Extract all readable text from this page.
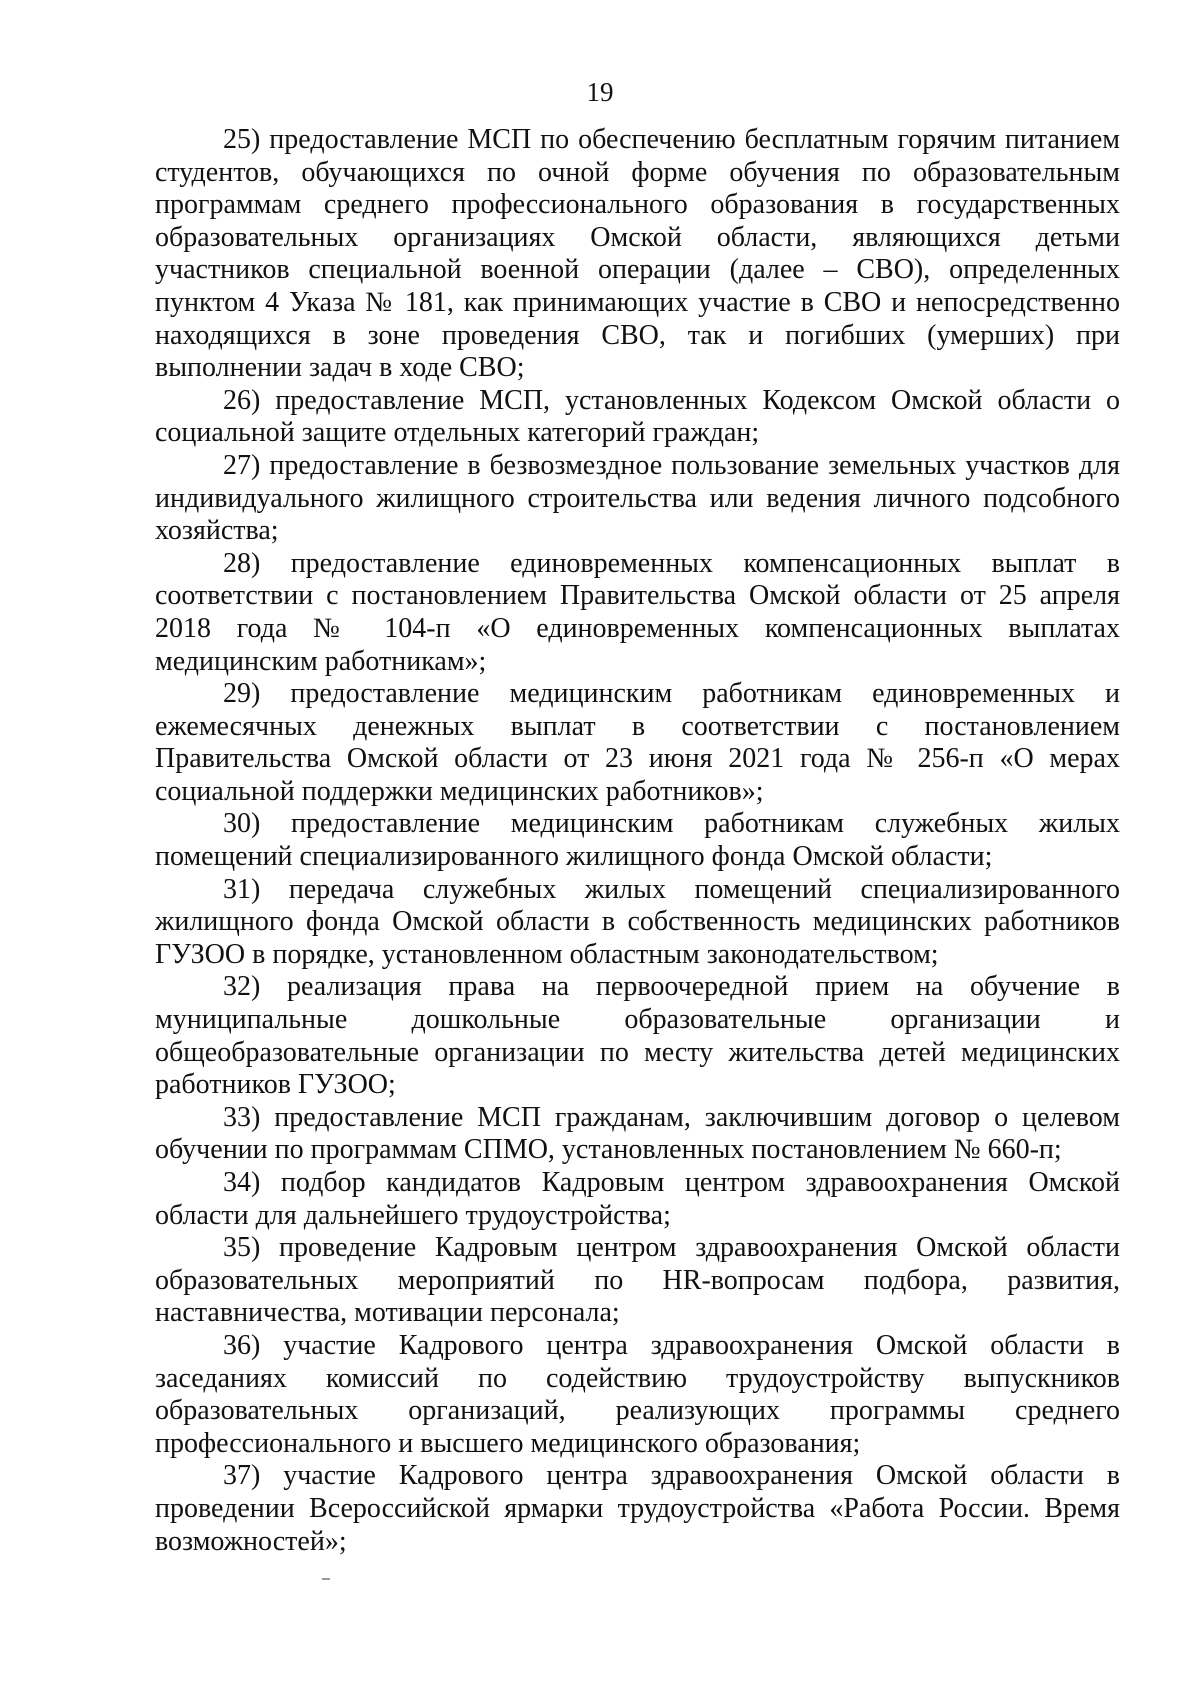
19

25) предоставление МСП по обеспечению бесплатным горячим питанием студентов, обучающихся по очной форме обучения по образовательным программам среднего профессионального образования в государственных образовательных организациях Омской области, являющихся детьми участников специальной военной операции (далее – СВО), определенных пунктом 4 Указа № 181, как принимающих участие в СВО и непосредственно находящихся в зоне проведения СВО, так и погибших (умерших) при выполнении задач в ходе СВО;

26) предоставление МСП, установленных Кодексом Омской области о социальной защите отдельных категорий граждан;

27) предоставление в безвозмездное пользование земельных участков для индивидуального жилищного строительства или ведения личного подсобного хозяйства;

28) предоставление единовременных компенсационных выплат в соответствии с постановлением Правительства Омской области от 25 апреля 2018 года № 104-п «О единовременных компенсационных выплатах медицинским работникам»;

29) предоставление медицинским работникам единовременных и ежемесячных денежных выплат в соответствии с постановлением Правительства Омской области от 23 июня 2021 года № 256-п «О мерах социальной поддержки медицинских работников»;

30) предоставление медицинским работникам служебных жилых помещений специализированного жилищного фонда Омской области;

31) передача служебных жилых помещений специализированного жилищного фонда Омской области в собственность медицинских работников ГУЗОО в порядке, установленном областным законодательством;

32) реализация права на первоочередной прием на обучение в муниципальные дошкольные образовательные организации и общеобразовательные организации по месту жительства детей медицинских работников ГУЗОО;

33) предоставление МСП гражданам, заключившим договор о целевом обучении по программам СПМО, установленных постановлением № 660-п;

34) подбор кандидатов Кадровым центром здравоохранения Омской области для дальнейшего трудоустройства;

35) проведение Кадровым центром здравоохранения Омской области образовательных мероприятий по HR-вопросам подбора, развития, наставничества, мотивации персонала;

36) участие Кадрового центра здравоохранения Омской области в заседаниях комиссий по содействию трудоустройству выпускников образовательных организаций, реализующих программы среднего профессионального и высшего медицинского образования;

37) участие Кадрового центра здравоохранения Омской области в проведении Всероссийской ярмарки трудоустройства «Работа России. Время возможностей»;
